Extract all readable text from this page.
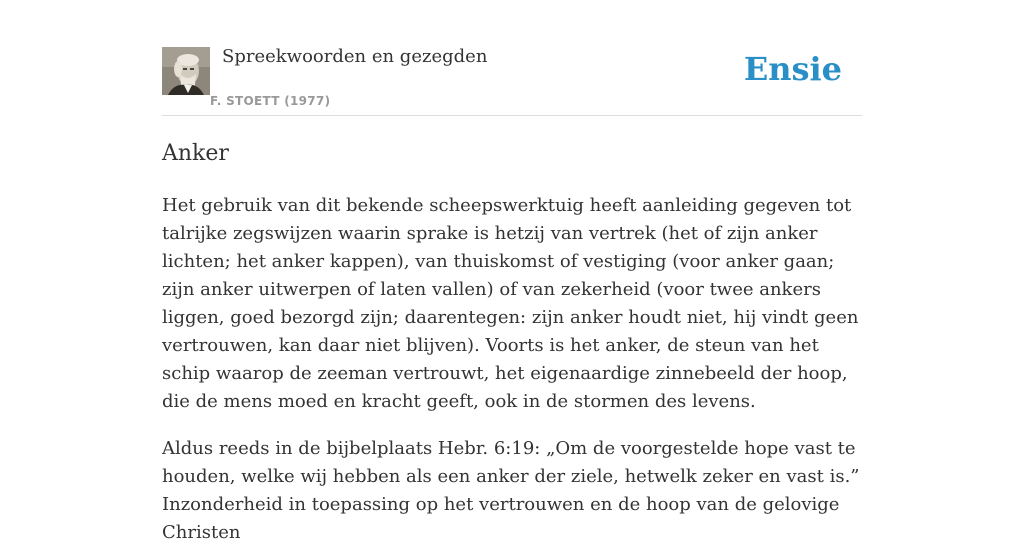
Spreekwoorden en gezegden
F. STOETT (1977)
Ensie
Anker

Het gebruik van dit bekende scheepswerktuig heeft aanleiding gegeven tot talrijke zegswijzen waarin sprake is hetzij van vertrek (het of zijn anker lichten; het anker kappen), van thuiskomst of vestiging (voor anker gaan; zijn anker uitwerpen of laten vallen) of van zekerheid (voor twee ankers liggen, goed bezorgd zijn; daarentegen: zijn anker houdt niet, hij vindt geen vertrouwen, kan daar niet blijven). Voorts is het anker, de steun van het schip waarop de zeeman vertrouwt, het eigenaardige zinnebeeld der hoop, die de mens moed en kracht geeft, ook in de stormen des levens.

Aldus reeds in de bijbelplaats Hebr. 6:19: „Om de voorgestelde hope vast te houden, welke wij hebben als een anker der ziele, hetwelk zeker en vast is.” Inzonderheid in toepassing op het vertrouwen en de hoop van de gelovige Christen
